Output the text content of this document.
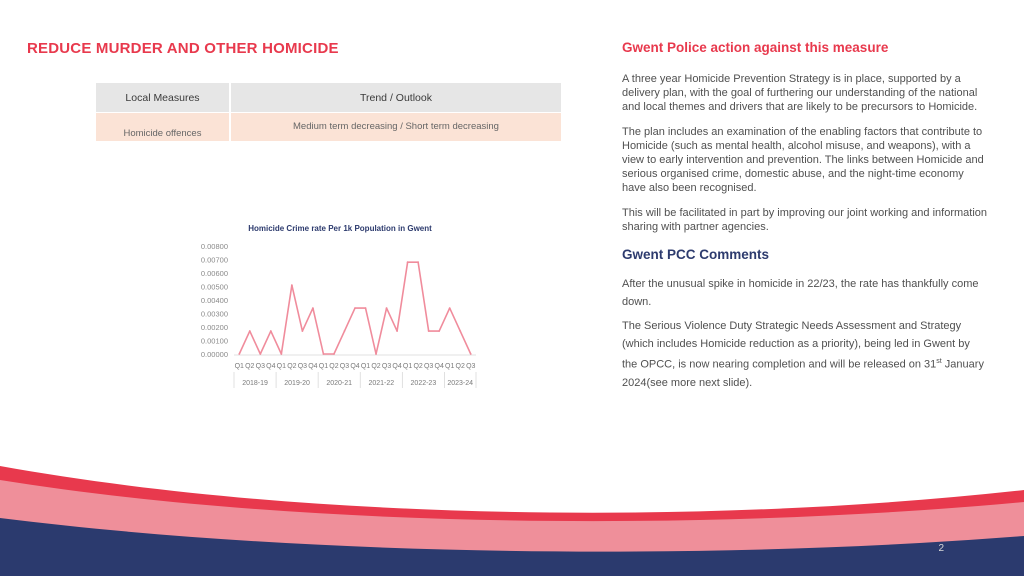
REDUCE MURDER AND OTHER HOMICIDE
Local Measures	Trend / Outlook
Homicide offences	Medium term decreasing / Short term decreasing
Homicide Crime rate Per 1k Population in Gwent
0.00800
0.00700
0.00600
0.00500
0.00400
0.00300
0.00200
0.00100
0.00000
Q1 Q2 Q3 Q4 Q1 Q2 Q3 Q4 Q1 Q2 Q3 Q4 Q1 Q2 Q3 Q4 Q1 Q2 Q3 Q4 Q1 Q2 Q3
2018-19 2019-20 2020-21 2021-22 2022-23 2023-24
Gwent Police action against this measure

A three year Homicide Prevention Strategy is in place, supported by a delivery plan, with the goal of furthering our understanding of the national and local themes and drivers that are likely to be precursors to Homicide.

The plan includes an examination of the enabling factors that contribute to Homicide (such as mental health, alcohol misuse, and weapons), with a view to early intervention and prevention. The links between Homicide and serious organised crime, domestic abuse, and the night-time economy have also been recognised.

This will be facilitated in part by improving our joint working and information sharing with partner agencies.

Gwent PCC Comments

After the unusual spike in homicide in 22/23, the rate has thankfully come down.

The Serious Violence Duty Strategic Needs Assessment and Strategy (which includes Homicide reduction as a priority), being led in Gwent by the OPCC, is now nearing completion and will be released on 31st January 2024(see more next slide).

2
